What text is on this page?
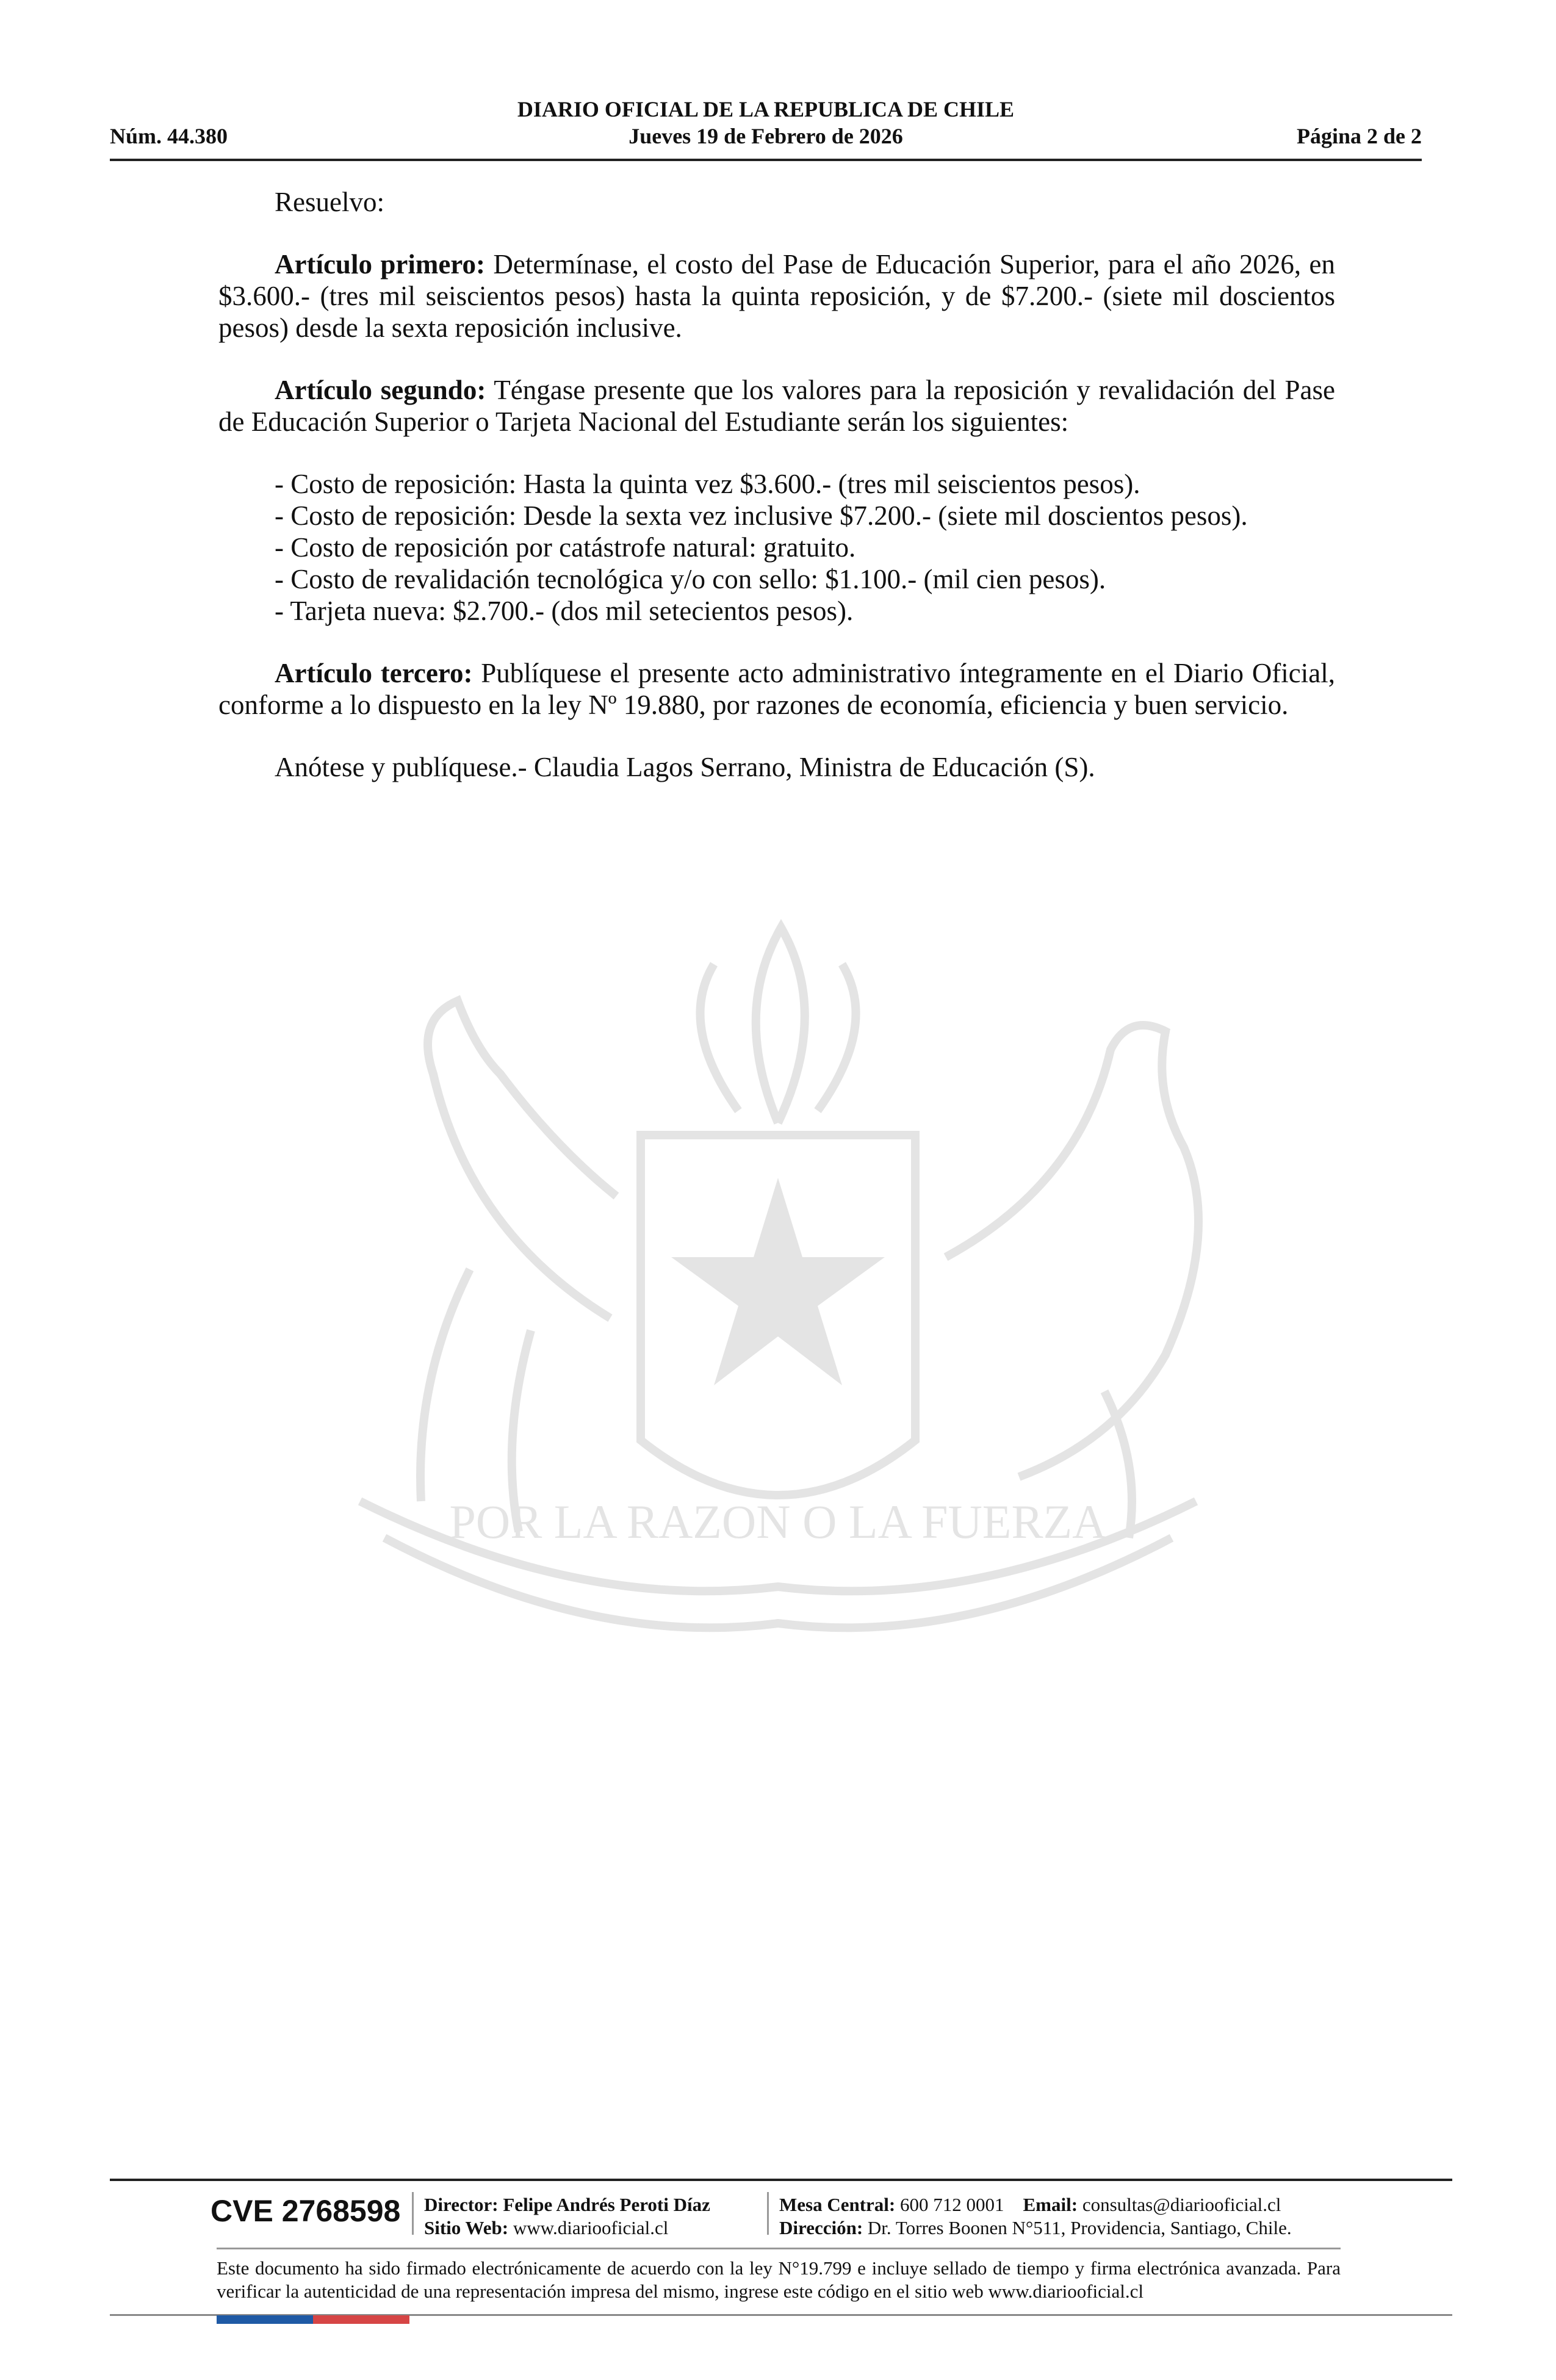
DIARIO OFICIAL DE LA REPUBLICA DE CHILE
Núm. 44.380	Jueves 19 de Febrero de 2026	Página 2 de 2
POR LA RAZON O LA FUERZA
Resuelvo:

Artículo primero: Determínase, el costo del Pase de Educación Superior, para el año 2026, en $3.600.- (tres mil seiscientos pesos) hasta la quinta reposición, y de $7.200.- (siete mil doscientos pesos) desde la sexta reposición inclusive.

Artículo segundo: Téngase presente que los valores para la reposición y revalidación del Pase de Educación Superior o Tarjeta Nacional del Estudiante serán los siguientes:

- Costo de reposición: Hasta la quinta vez $3.600.- (tres mil seiscientos pesos).
- Costo de reposición: Desde la sexta vez inclusive $7.200.- (siete mil doscientos pesos).
- Costo de reposición por catástrofe natural: gratuito.
- Costo de revalidación tecnológica y/o con sello: $1.100.- (mil cien pesos).
- Tarjeta nueva: $2.700.- (dos mil setecientos pesos).

Artículo tercero: Publíquese el presente acto administrativo íntegramente en el Diario Oficial, conforme a lo dispuesto en la ley Nº 19.880, por razones de economía, eficiencia y buen servicio.

Anótese y publíquese.- Claudia Lagos Serrano, Ministra de Educación (S).

CVE 2768598 Director: Felipe Andrés Peroti Díaz
Sitio Web: www.diariooficial.cl
Mesa Central: 600 712 0001 Email: consultas@diariooficial.cl
Dirección: Dr. Torres Boonen N°511, Providencia, Santiago, Chile.
Este documento ha sido firmado electrónicamente de acuerdo con la ley N°19.799 e incluye sellado de tiempo y firma electrónica avanzada. Para verificar la autenticidad de una representación impresa del mismo, ingrese este código en el sitio web www.diariooficial.cl
